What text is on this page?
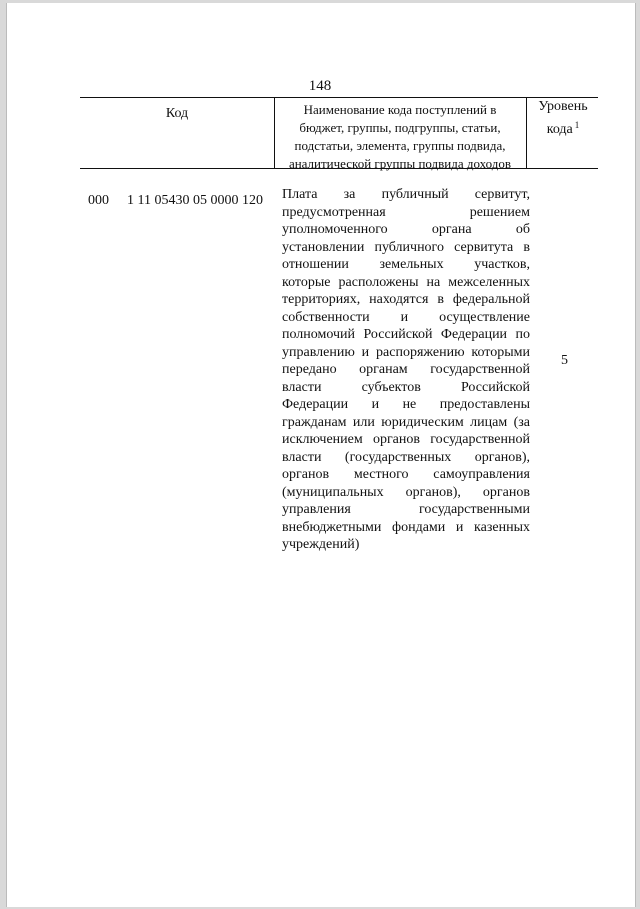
148
Код	Наименование кода поступлений в
бюджет, группы, подгруппы, статьи,
подстатьи, элемента, группы подвида,
аналитической группы подвида доходов
Уровень
кода $^1$
000 1 11 05430 05 0000 120 Плата за публичный сервитут,
предусмотренная решением
уполномоченного органа об
установлении публичного сервитута в
отношении земельных участков,
которые расположены на межселенных
территориях, находятся в федеральной
собственности и осуществление
полномочий Российской Федерации по
управлению и распоряжению которыми
передано органам государственной
власти субъектов Российской
Федерации и не предоставлены
гражданам или юридическим лицам (за
исключением органов государственной
власти (государственных органов),
органов местного самоуправления
(муниципальных органов), органов
управления государственными
внебюджетными фондами и казенных
учреждений)
5
